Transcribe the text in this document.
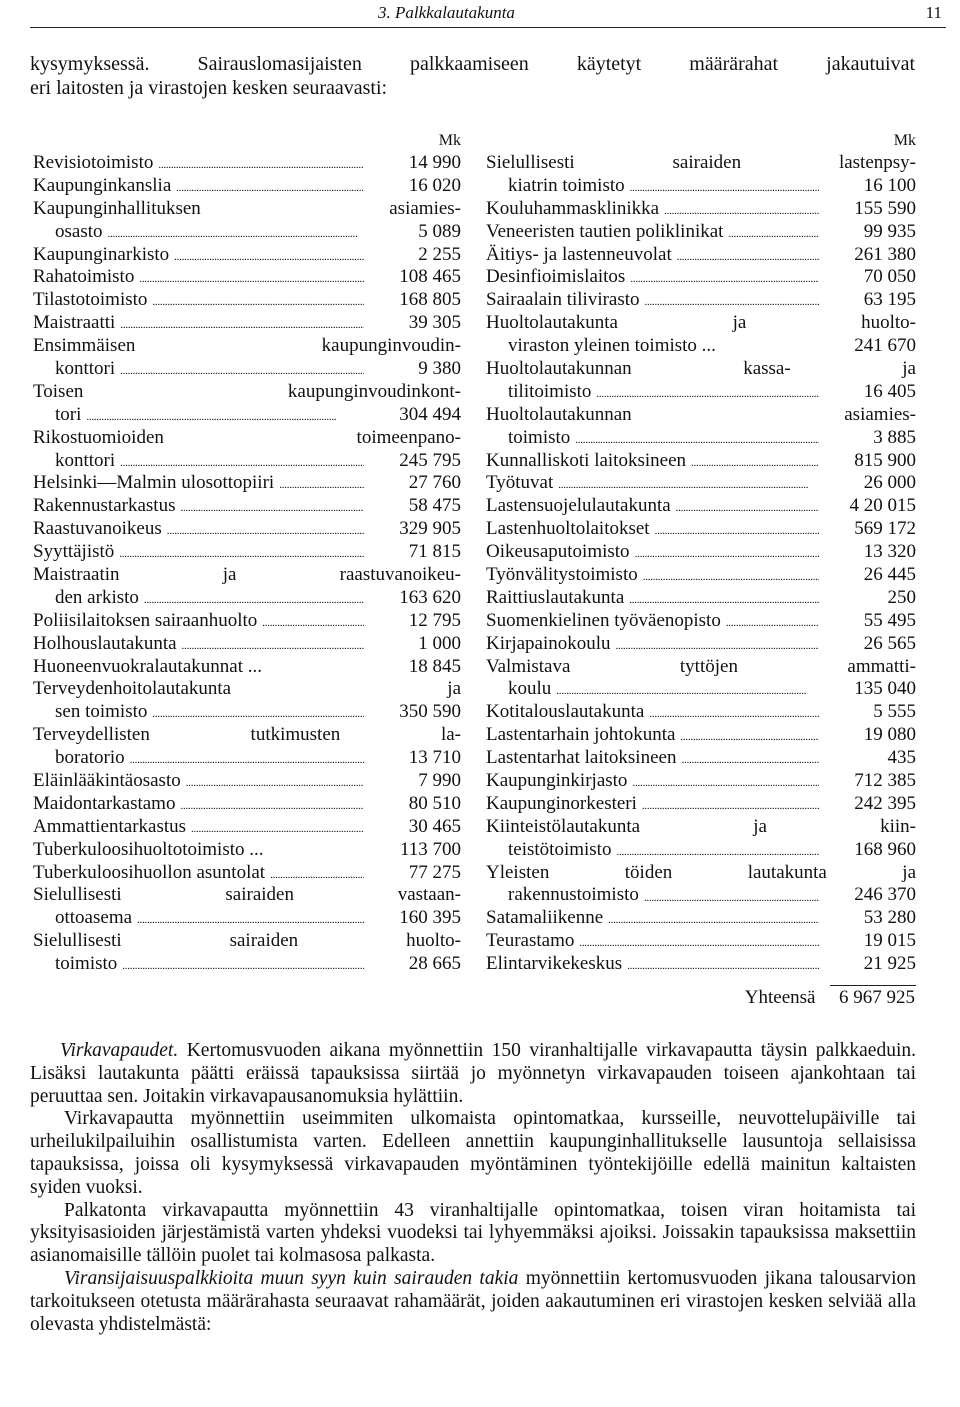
3. Palkkalautakunta	11

kysymyksessä. Sairauslomasijaisten palkkaamiseen käytetyt määrärahat jakautuivat

eri laitosten ja virastojen kesken seuraavasti:

Mk
Revisiotoimisto . . .	14 990
Kaupunginkanslia . . .	16 020
Kaupunginhallituksen asiamies-
osasto . . .	5 089
Kaupunginarkisto . . .	2 255
Rahatoimisto . . .	108 465
Tilastotoimisto . . .	168 805
Maistraatti . . .	39 305
Ensimmäisen kaupunginvoudin-
konttori . . .	9 380
Toisen kaupunginvoudinkont-
tori . . .	304 494
Rikostuomioiden toimeenpano-
konttori . . .	245 795
Helsinki—Malmin ulosottopiiri . . .	27 760
Rakennustarkastus . . .	58 475
Raastuvanoikeus . . .	329 905
Syyttäjistö . . .	71 815
Maistraatin ja raastuvanoikeu-
den arkisto . . .	163 620
Poliisilaitoksen sairaanhuolto . . .	12 795
Holhouslautakunta . . .	1 000
Huoneenvuokralautakunnat ...	18 845
Terveydenhoitolautakunta ja
sen toimisto . . .	350 590
Terveydellisten tutkimusten la-
boratorio . . .	13 710
Eläinlääkintäosasto . . .	7 990
Maidontarkastamo . . .	80 510
Ammattientarkastus . . .	30 465
Tuberkuloosihuoltotoimisto ...	113 700
Tuberkuloosihuollon asuntolat . . .	77 275
Sielullisesti sairaiden vastaan-
ottoasema . . .	160 395
Sielullisesti sairaiden huolto-
toimisto . . .	28 665
Mk
Sielullisesti sairaiden lastenpsy-
kiatrin toimisto . . .	16 100
Kouluhammasklinikka . . .	155 590
Veneeristen tautien poliklinikat . . .	99 935
Äitiys- ja lastenneuvolat . . .	261 380
Desinfioimislaitos . . .	70 050
Sairaalain tilivirasto . . .	63 195
Huoltolautakunta ja huolto-
viraston yleinen toimisto ...	241 670
Huoltolautakunnan kassa- ja
tilitoimisto . . .	16 405
Huoltolautakunnan asiamies-
toimisto . . .	3 885
Kunnalliskoti laitoksineen . . .	815 900
Työtuvat . . .	26 000
Lastensuojelulautakunta . . .	4 20 015
Lastenhuoltolaitokset . . .	569 172
Oikeusaputoimisto . . .	13 320
Työnvälitystoimisto . . .	26 445
Raittiuslautakunta . . .	250
Suomenkielinen työväenopisto . . .	55 495
Kirjapainokoulu . . .	26 565
Valmistava tyttöjen ammatti-
koulu . . .	135 040
Kotitalouslautakunta . . .	5 555
Lastentarhain johtokunta . . .	19 080
Lastentarhat laitoksineen . . .	435
Kaupunginkirjasto . . .	712 385
Kaupunginorkesteri . . .	242 395
Kiinteistölautakunta ja kiin-
teistötoimisto . . .	168 960
Yleisten töiden lautakunta ja
rakennustoimisto . . .	246 370
Satamaliikenne . . .	53 280
Teurastamo . . .	19 015
Elintarvikekeskus . . .	21 925
Yhteensä 6 967 925

Virkavapaudet. Kertomusvuoden aikana myönnettiin 150 viranhaltijalle virkavapautta täysin palkkaeduin. Lisäksi lautakunta päätti eräissä tapauksissa siirtää jo myönnetyn virkavapauden toiseen ajankohtaan tai peruuttaa sen. Joitakin virkavapausanomuksia hylättiin.

Virkavapautta myönnettiin useimmiten ulkomaista opintomatkaa, kursseille, neuvottelupäiville tai urheilukilpailuihin osallistumista varten. Edelleen annettiin kaupunginhallitukselle lausuntoja sellaisissa tapauksissa, joissa oli kysymyksessä virkavapauden myöntäminen työntekijöille edellä mainitun kaltaisten syiden vuoksi.

Palkatonta virkavapautta myönnettiin 43 viranhaltijalle opintomatkaa, toisen viran hoitamista tai yksityisasioiden järjestämistä varten yhdeksi vuodeksi tai lyhyemmäksi ajoiksi. Joissakin tapauksissa maksettiin asianomaisille tällöin puolet tai kolmasosa palkasta.

Viransijaisuuspalkkioita muun syyn kuin sairauden takia myönnettiin kertomusvuoden jikana talousarvion tarkoitukseen otetusta määrärahasta seuraavat rahamäärät, joiden aakautuminen eri virastojen kesken selviää alla olevasta yhdistelmästä:
